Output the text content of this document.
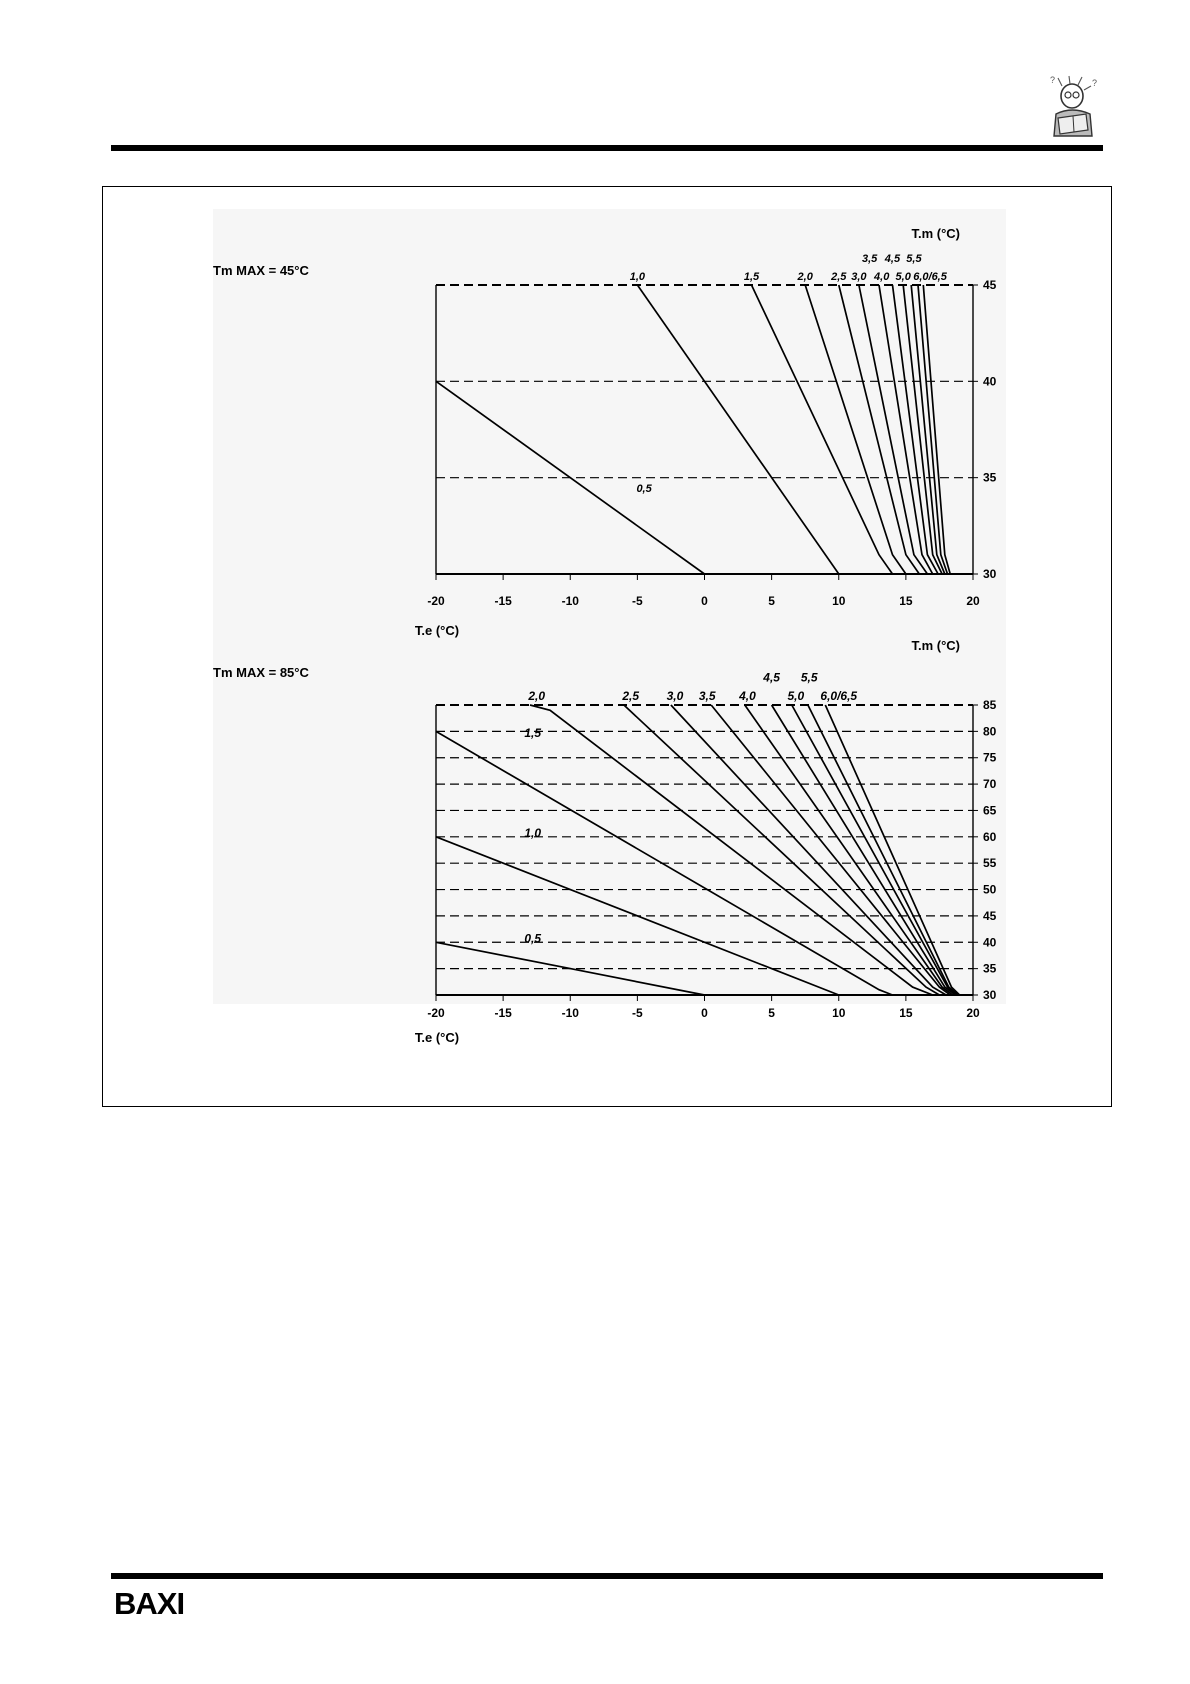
?	?
Tm MAX = 45°C
T.m (°C)
T.e (°C)
30
35
40
45
-20	-15	-10	-5	0	5	10	15	20
1,0	1,5	2,0 2,5 3,0 4,0 5,0 6,0/6,5
3,5 4,5 5,5
0,5
Tm MAX = 85°C
T.m (°C)
T.e (°C)
30
35
40
45
50
55
60
65
70
75
80
85
-20	-15	-10	-5	0	5	10	15	20
2,0	2,5 3,0 3,5 4,0	5,0 6,0/6,5
4,5 5,5
1,5
1,0
0,5
BAXI
